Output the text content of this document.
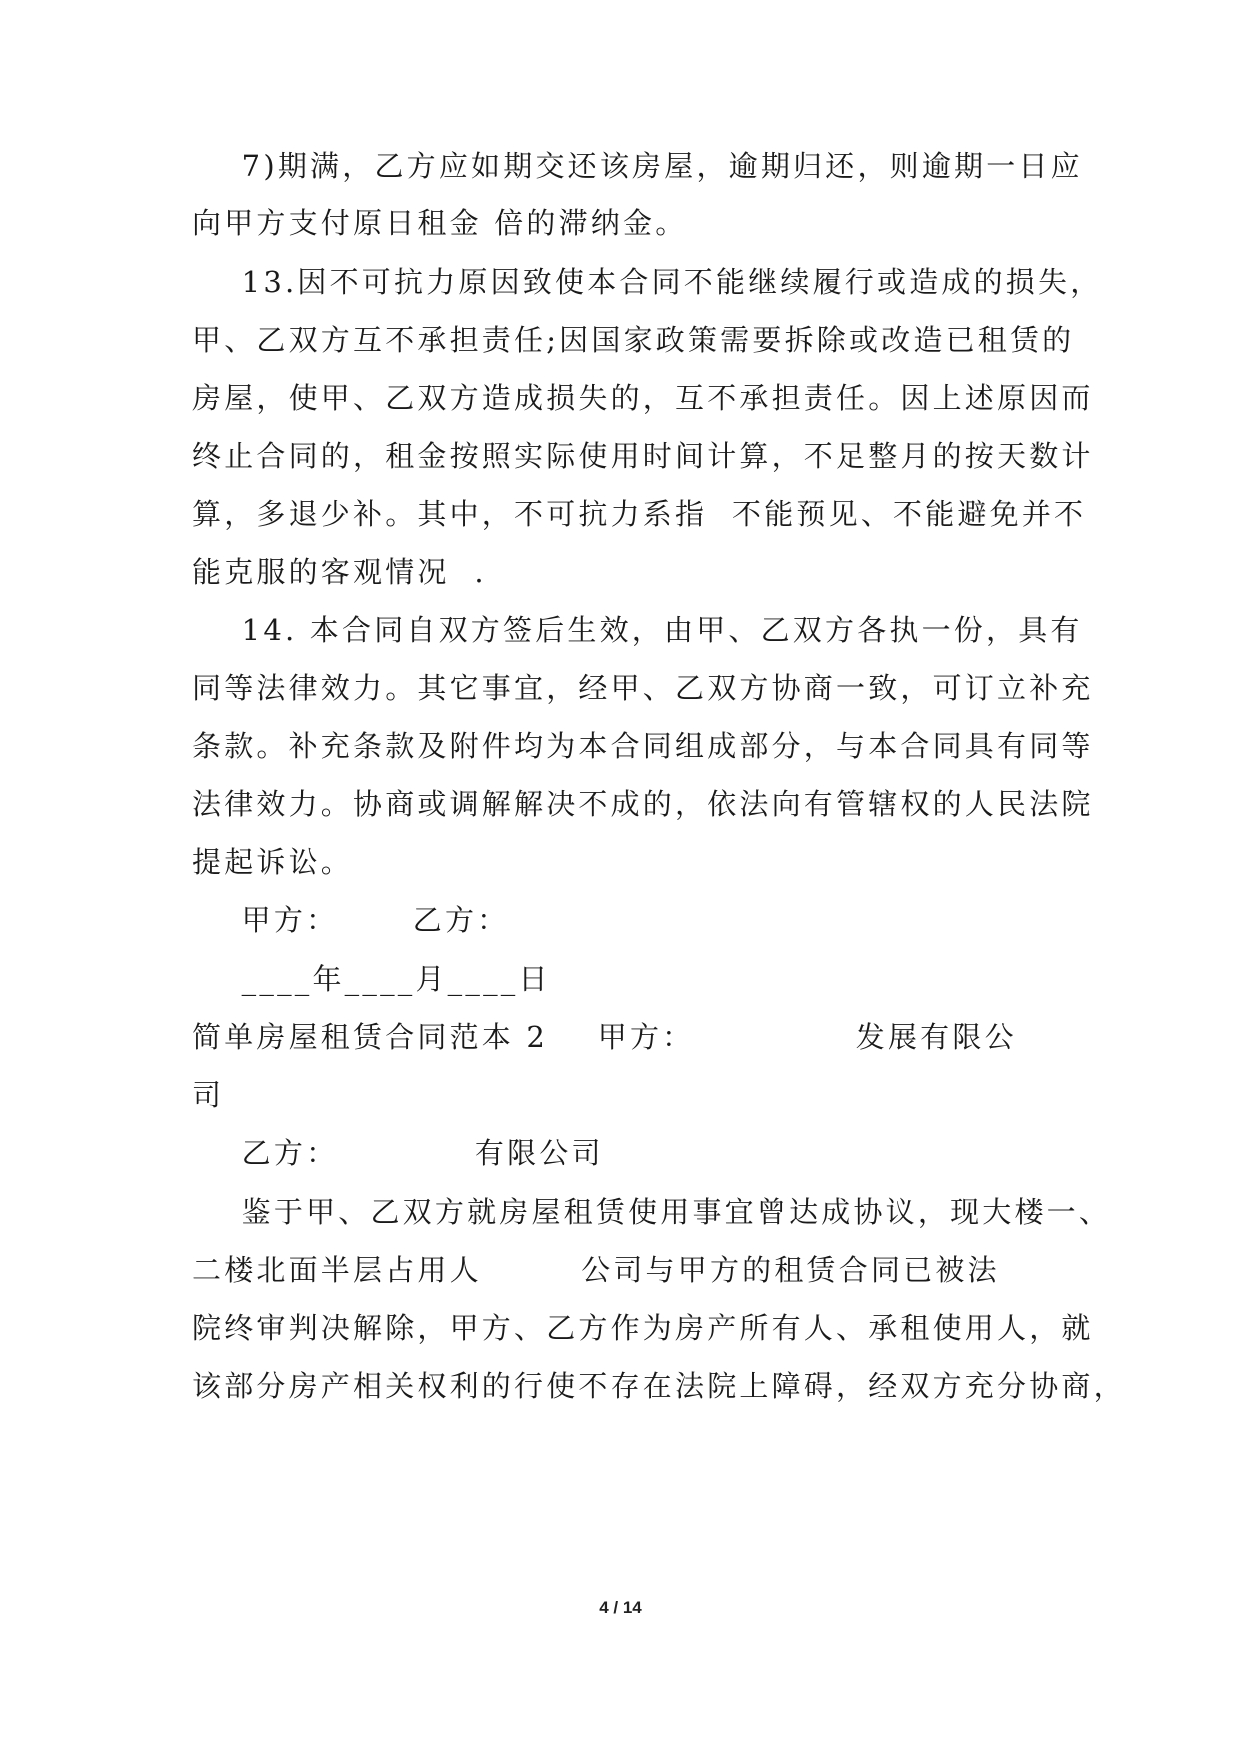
7)期满，乙方应如期交还该房屋，逾期归还，则逾期一日应
向甲方支付原日租金 倍的滞纳金。
13.因不可抗力原因致使本合同不能继续履行或造成的损失，
甲、乙双方互不承担责任;因国家政策需要拆除或改造已租赁的
房屋，使甲、乙双方造成损失的，互不承担责任。因上述原因而
终止合同的，租金按照实际使用时间计算，不足整月的按天数计
算，多退少补。其中，不可抗力系指  不能预见、不能避免并不
能克服的客观情况  .
14. 本合同自双方签后生效，由甲、乙双方各执一份，具有
同等法律效力。其它事宜，经甲、乙双方协商一致，可订立补充
条款。补充条款及附件均为本合同组成部分，与本合同具有同等
法律效力。协商或调解解决不成的，依法向有管辖权的人民法院
提起诉讼。
甲方：      乙方：
____年____月____日
简单房屋租赁合同范本 2    甲方：             发展有限公
司
乙方：           有限公司
鉴于甲、乙双方就房屋租赁使用事宜曾达成协议，现大楼一、
二楼北面半层占用人        公司与甲方的租赁合同已被法
院终审判决解除，甲方、乙方作为房产所有人、承租使用人，就
该部分房产相关权利的行使不存在法院上障碍，经双方充分协商，
4 / 14
